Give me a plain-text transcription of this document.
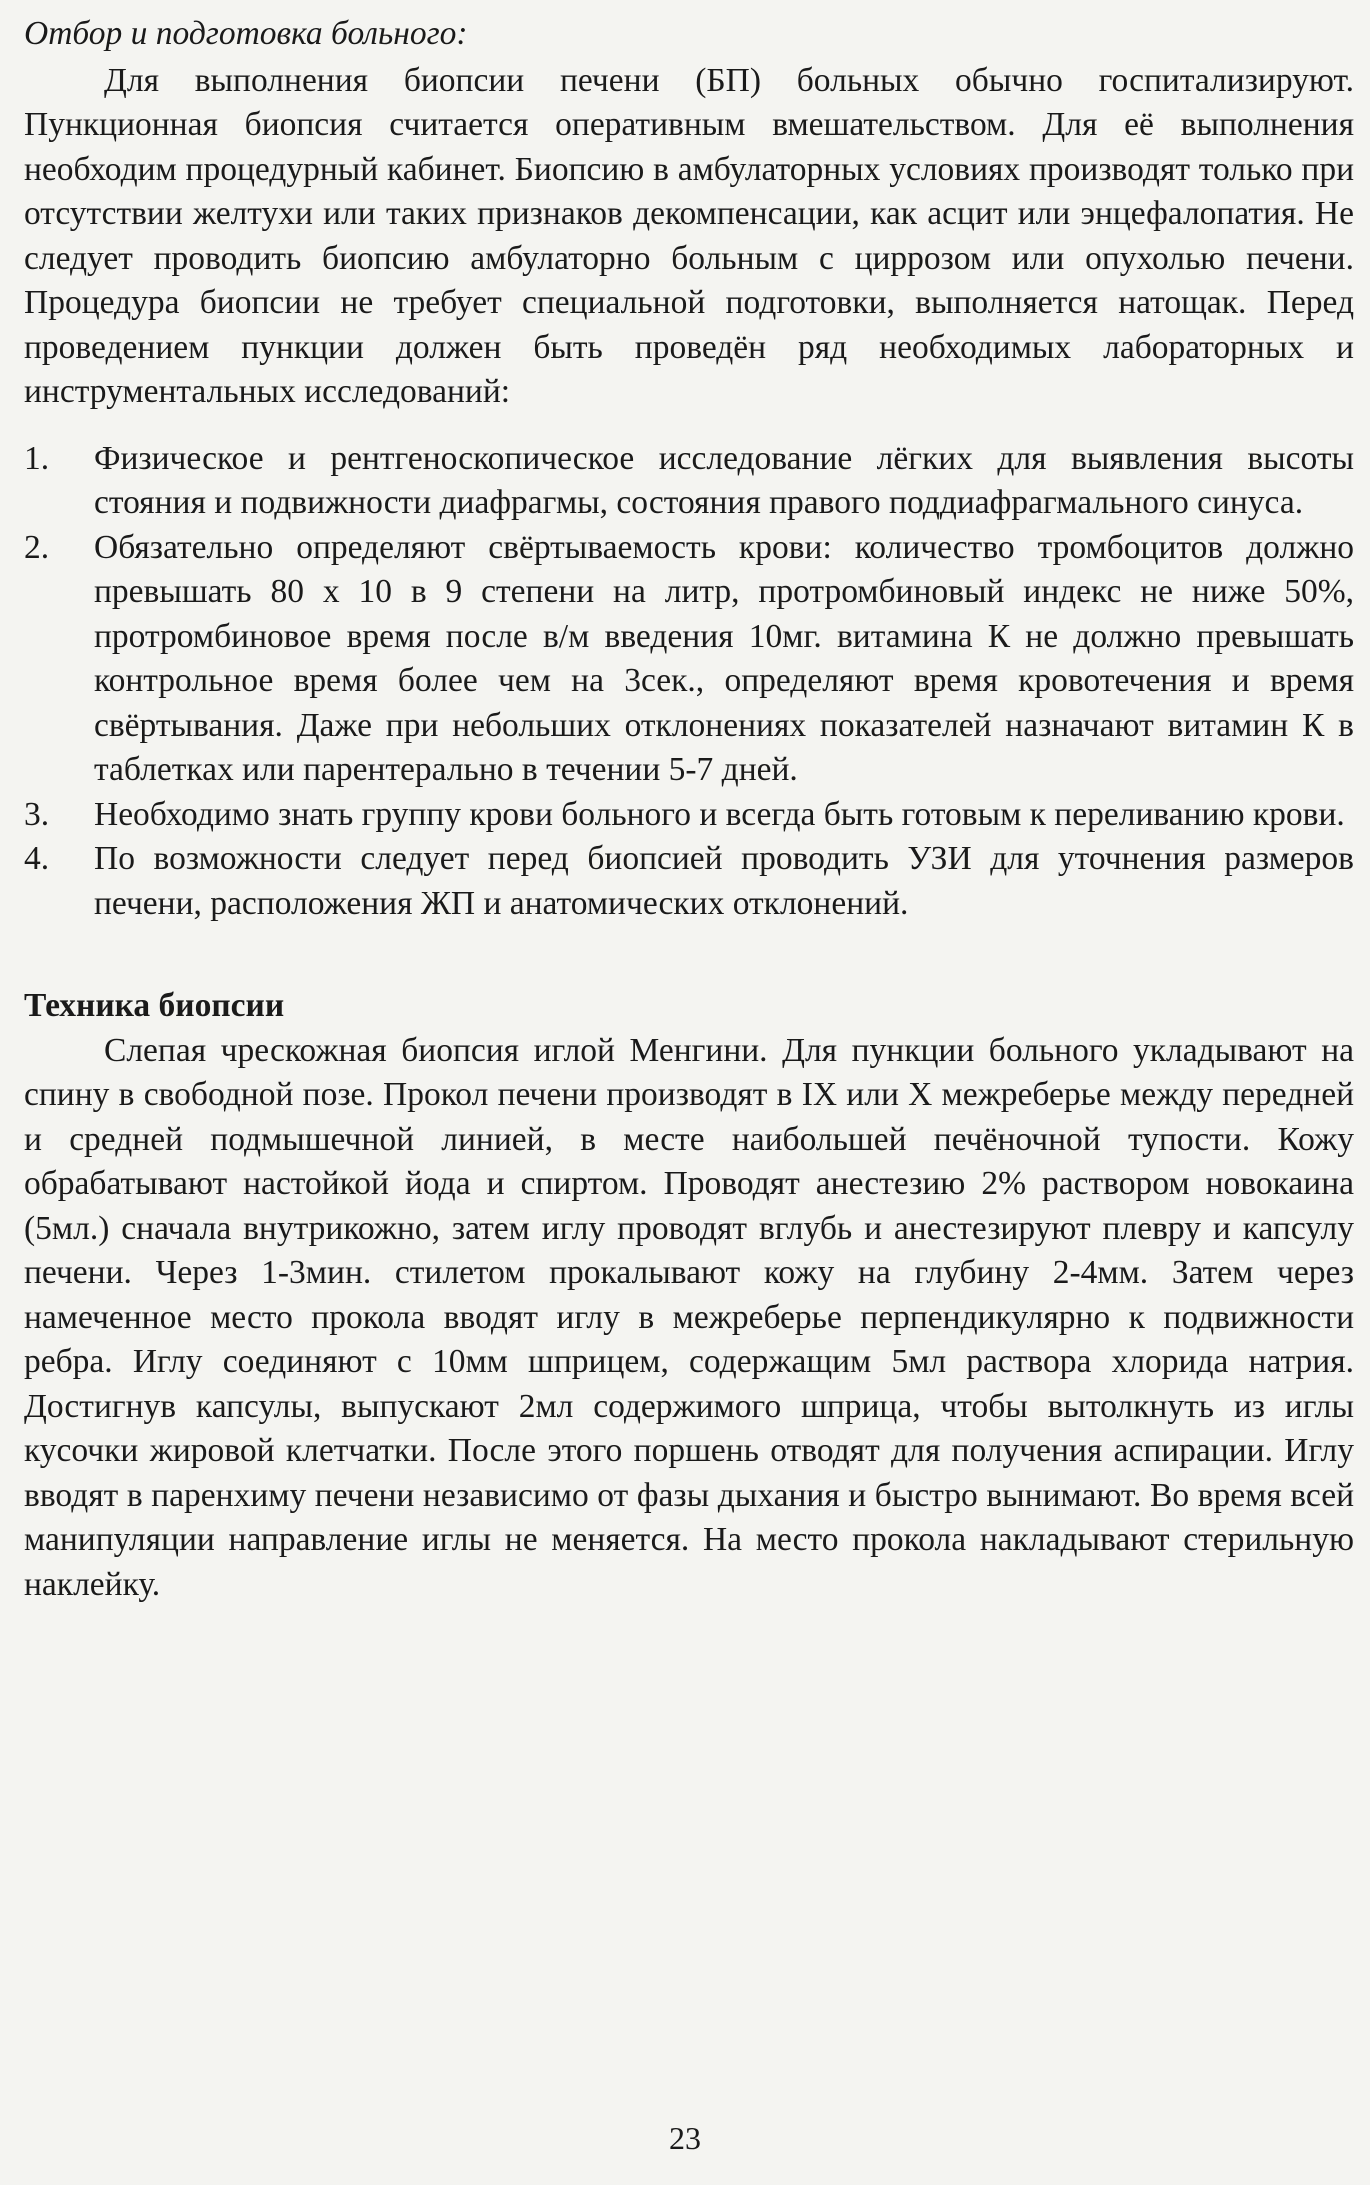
Отбор и подготовка больного:

Для выполнения биопсии печени (БП) больных обычно госпитализируют. Пункционная биопсия считается оперативным вмешательством. Для её выполнения необходим процедурный кабинет. Биопсию в амбулаторных условиях производят только при отсутствии желтухи или таких признаков декомпенсации, как асцит или энцефалопатия. Не следует проводить биопсию амбулаторно больным с циррозом или опухолью печени. Процедура биопсии не требует специальной подготовки, выполняется натощак. Перед проведением пункции должен быть проведён ряд необходимых лабораторных и инструментальных исследований:

1.	Физическое и рентгеноскопическое исследование лёгких для выявления высоты стояния и подвижности диафрагмы, состояния правого поддиафрагмального синуса.
2.	Обязательно определяют свёртываемость крови: количество тромбоцитов должно превышать 80 х 10 в 9 степени на литр, протромбиновый индекс не ниже 50%, протромбиновое время после в/м введения 10мг. витамина К не должно превышать контрольное время более чем на 3сек., определяют время кровотечения и время свёртывания. Даже при небольших отклонениях показателей назначают витамин К в таблетках или парентерально в течении 5-7 дней.
3.	Необходимо знать группу крови больного и всегда быть готовым к переливанию крови.
4.	По возможности следует перед биопсией проводить УЗИ для уточнения размеров печени, расположения ЖП и анатомических отклонений.
Техника биопсии

Слепая чрескожная биопсия иглой Менгини. Для пункции больного укладывают на спину в свободной позе. Прокол печени производят в IX или X межреберье между передней и средней подмышечной линией, в месте наибольшей печёночной тупости. Кожу обрабатывают настойкой йода и спиртом. Проводят анестезию 2% раствором новокаина (5мл.) сначала внутрикожно, затем иглу проводят вглубь и анестезируют плевру и капсулу печени. Через 1-3мин. стилетом прокалывают кожу на глубину 2-4мм. Затем через намеченное место прокола вводят иглу в межреберье перпендикулярно к подвижности ребра. Иглу соединяют с 10мм шприцем, содержащим 5мл раствора хлорида натрия. Достигнув капсулы, выпускают 2мл содержимого шприца, чтобы вытолкнуть из иглы кусочки жировой клетчатки. После этого поршень отводят для получения аспирации. Иглу вводят в паренхиму печени независимо от фазы дыхания и быстро вынимают. Во время всей манипуляции направление иглы не меняется. На место прокола накладывают стерильную наклейку.

23
